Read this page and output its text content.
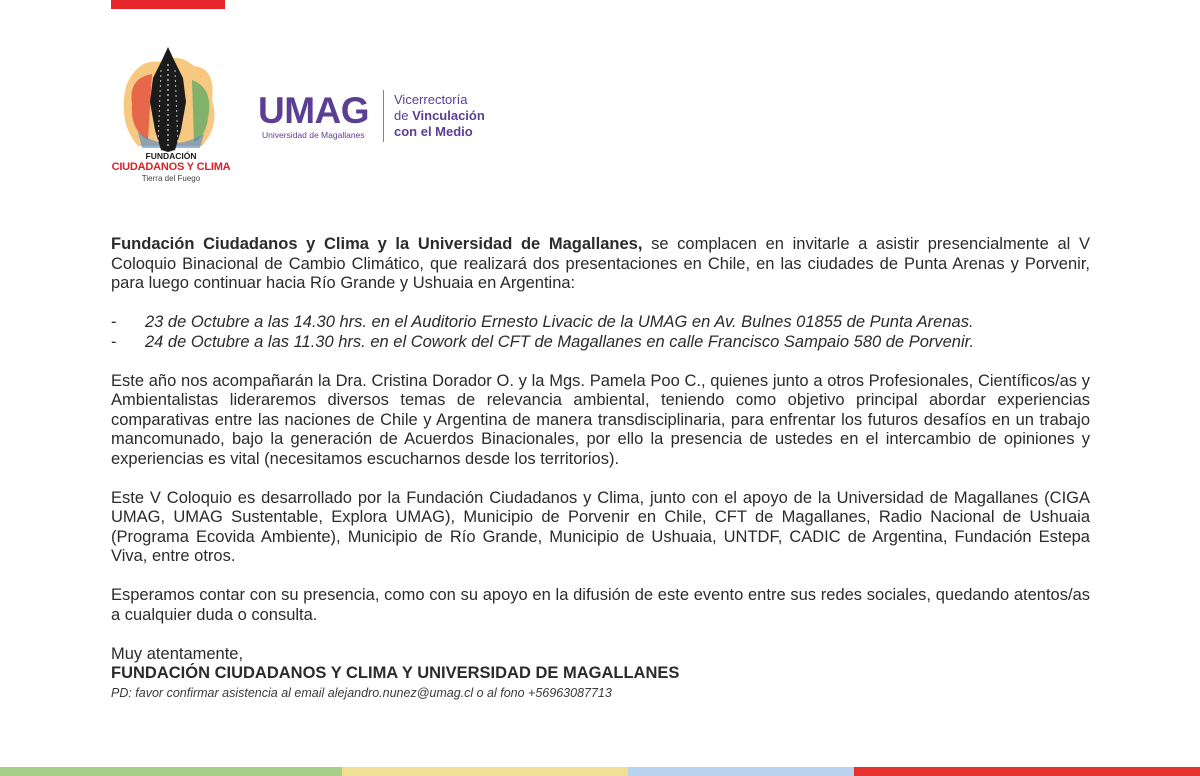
FUNDACIÓN
CIUDADANOS Y CLIMA
Tierra del Fuego
UMAG
Universidad de Magallanes
Vicerrectoría
de Vinculación
con el Medio

Fundación Ciudadanos y Clima y la Universidad de Magallanes, se complacen en invitarle a asistir presencialmente al V Coloquio Binacional de Cambio Climático, que realizará dos presentaciones en Chile, en las ciudades de Punta Arenas y Porvenir, para luego continuar hacia Río Grande y Ushuaia en Argentina:

-	23 de Octubre a las 14.30 hrs. en el Auditorio Ernesto Livacic de la UMAG en Av. Bulnes 01855 de Punta Arenas.
-	24 de Octubre a las 11.30 hrs. en el Cowork del CFT de Magallanes en calle Francisco Sampaio 580 de Porvenir.

Este año nos acompañarán la Dra. Cristina Dorador O. y la Mgs. Pamela Poo C., quienes junto a otros Profesionales, Científicos/as y Ambientalistas lideraremos diversos temas de relevancia ambiental, teniendo como objetivo principal abordar experiencias comparativas entre las naciones de Chile y Argentina de manera transdisciplinaria, para enfrentar los futuros desafíos en un trabajo mancomunado, bajo la generación de Acuerdos Binacionales, por ello la presencia de ustedes en el intercambio de opiniones y experiencias es vital (necesitamos escucharnos desde los territorios).

Este V Coloquio es desarrollado por la Fundación Ciudadanos y Clima, junto con el apoyo de la Universidad de Magallanes (CIGA UMAG, UMAG Sustentable, Explora UMAG), Municipio de Porvenir en Chile, CFT de Magallanes, Radio Nacional de Ushuaia (Programa Ecovida Ambiente), Municipio de Río Grande, Municipio de Ushuaia, UNTDF, CADIC de Argentina, Fundación Estepa Viva, entre otros.

Esperamos contar con su presencia, como con su apoyo en la difusión de este evento entre sus redes sociales, quedando atentos/as a cualquier duda o consulta.

Muy atentamente,

FUNDACIÓN CIUDADANOS Y CLIMA Y UNIVERSIDAD DE MAGALLANES

PD: favor confirmar asistencia al email alejandro.nunez@umag.cl o al fono +56963087713
